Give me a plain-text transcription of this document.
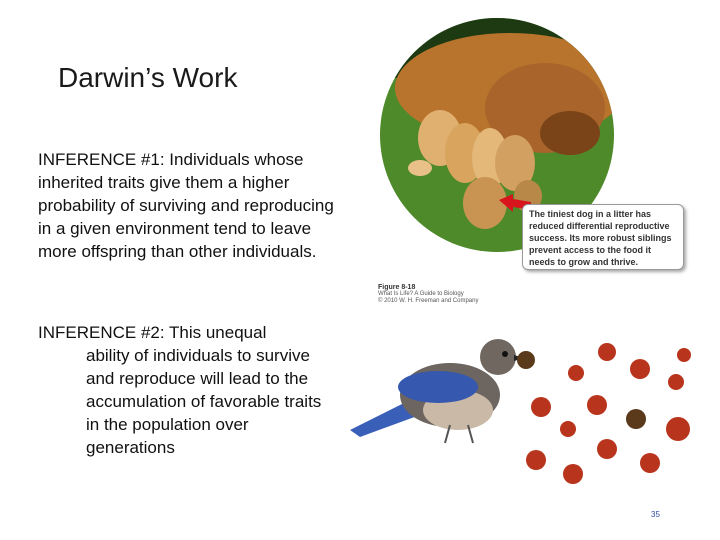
Darwin’s Work
INFERENCE #1: Individuals whose inherited traits give them a higher probability of surviving and reproducing in a given environment tend to leave more offspring than other individuals.
INFERENCE #2: This unequal
ability of individuals to survive and reproduce will lead to the accumulation of favorable traits in the population over generations
The tiniest dog in a litter has reduced differential reproductive success. Its more robust siblings prevent access to the food it needs to grow and thrive.
Figure 8-18
What Is Life? A Guide to Biology
© 2010 W. H. Freeman and Company
35
